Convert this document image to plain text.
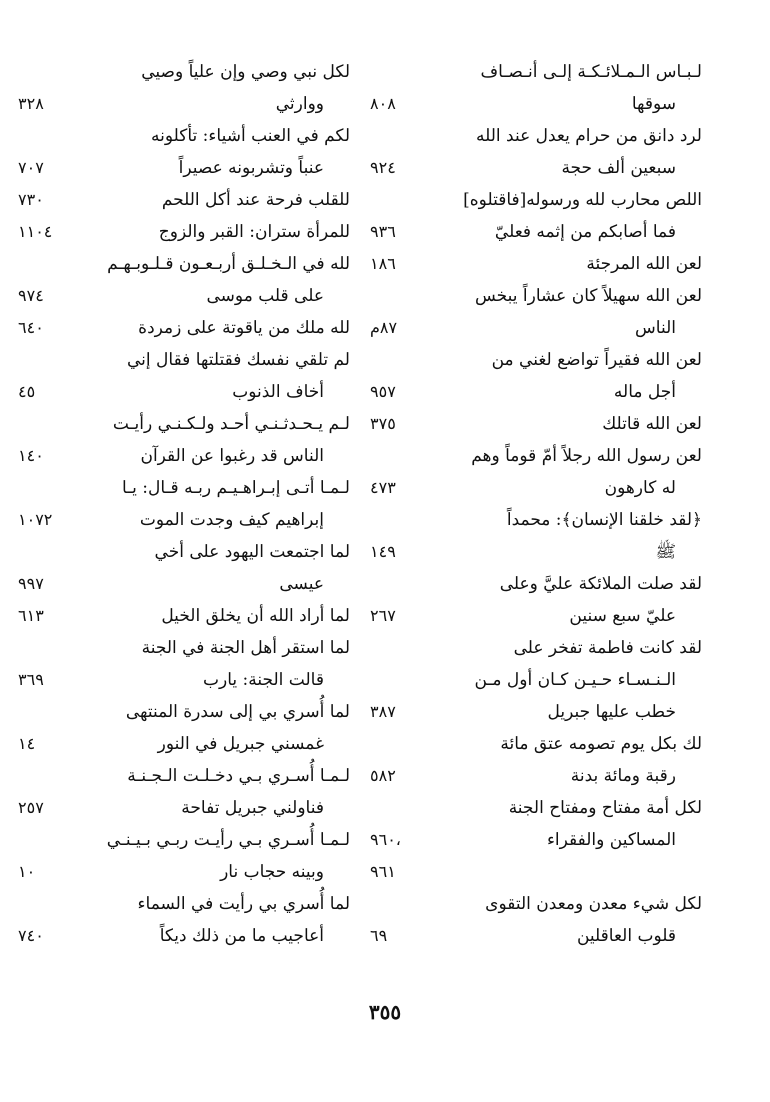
لـبـاس الـمـلائـكـة إلـى أنـصـاف
سوقها
٨٠٨
لرد دانق من حرام يعدل عند الله
سبعين ألف حجة
٩٢٤
اللص محارب لله ورسوله[فاقتلوه]
فما أصابكم من إثمه فعليّ
٩٣٦
لعن الله المرجئة
١٨٦
لعن الله سهيلاً كان عشاراً يبخس
الناس
٨٧م
لعن الله فقيراً تواضع لغني من
أجل ماله
٩٥٧
لعن الله قاتلك
٣٧٥
لعن رسول الله رجلاً أمّ قوماً وهم
له كارهون
٤٧٣
﴿لقد خلقنا الإنسان﴾: محمداً
ﷺ
١٤٩
لقد صلت الملائكة عليَّ وعلى
عليّ سبع سنين
٢٦٧
لقد كانت فاطمة تفخر على
الـنـسـاء حـيـن كـان أول مـن
خطب عليها جبريل
٣٨٧
لك بكل يوم تصومه عتق مائة
رقبة ومائة بدنة
٥٨٢
لكل أمة مفتاح ومفتاح الجنة
المساكين والفقراء
٩٦٠،
٩٦١
لكل شيء معدن ومعدن التقوى
قلوب العاقلين
٦٩
لكل نبي وصي وإن علياً وصيي
ووارثي
٣٢٨
لكم في العنب أشياء: تأكلونه
عنباً وتشربونه عصيراً
٧٠٧
للقلب فرحة عند أكل اللحم
٧٣٠
للمرأة ستران: القبر والزوج
١١٠٤
لله في الـخـلـق أربـعـون قـلـوبـهـم
على قلب موسى
٩٧٤
لله ملك من ياقوتة على زمردة
٦٤٠
لم تلقي نفسك فقتلتها فقال إني
أخاف الذنوب
٤٥
لـم يـحـدثـنـي أحـد ولـكـنـي رأيـت
الناس قد رغبوا عن القرآن
١٤٠
لـمـا أتـى إبـراهـيـم ربـه قـال: يـا
إبراهيم كيف وجدت الموت
١٠٧٢
لما اجتمعت اليهود على أخي
عيسى
٩٩٧
لما أراد الله أن يخلق الخيل
٦١٣
لما استقر أهل الجنة في الجنة
قالت الجنة: يارب
٣٦٩
لما أُسري بي إلى سدرة المنتهى
غمسني جبريل في النور
١٤
لـمـا أُسـري بـي دخـلـت الـجـنـة
فناولني جبريل تفاحة
٢٥٧
لـمـا أُسـري بـي رأيـت ربـي بـيـنـي
وبينه حجاب نار
١٠
لما أُسري بي رأيت في السماء
أعاجيب ما من ذلك ديكاً
٧٤٠
٣٥٥
